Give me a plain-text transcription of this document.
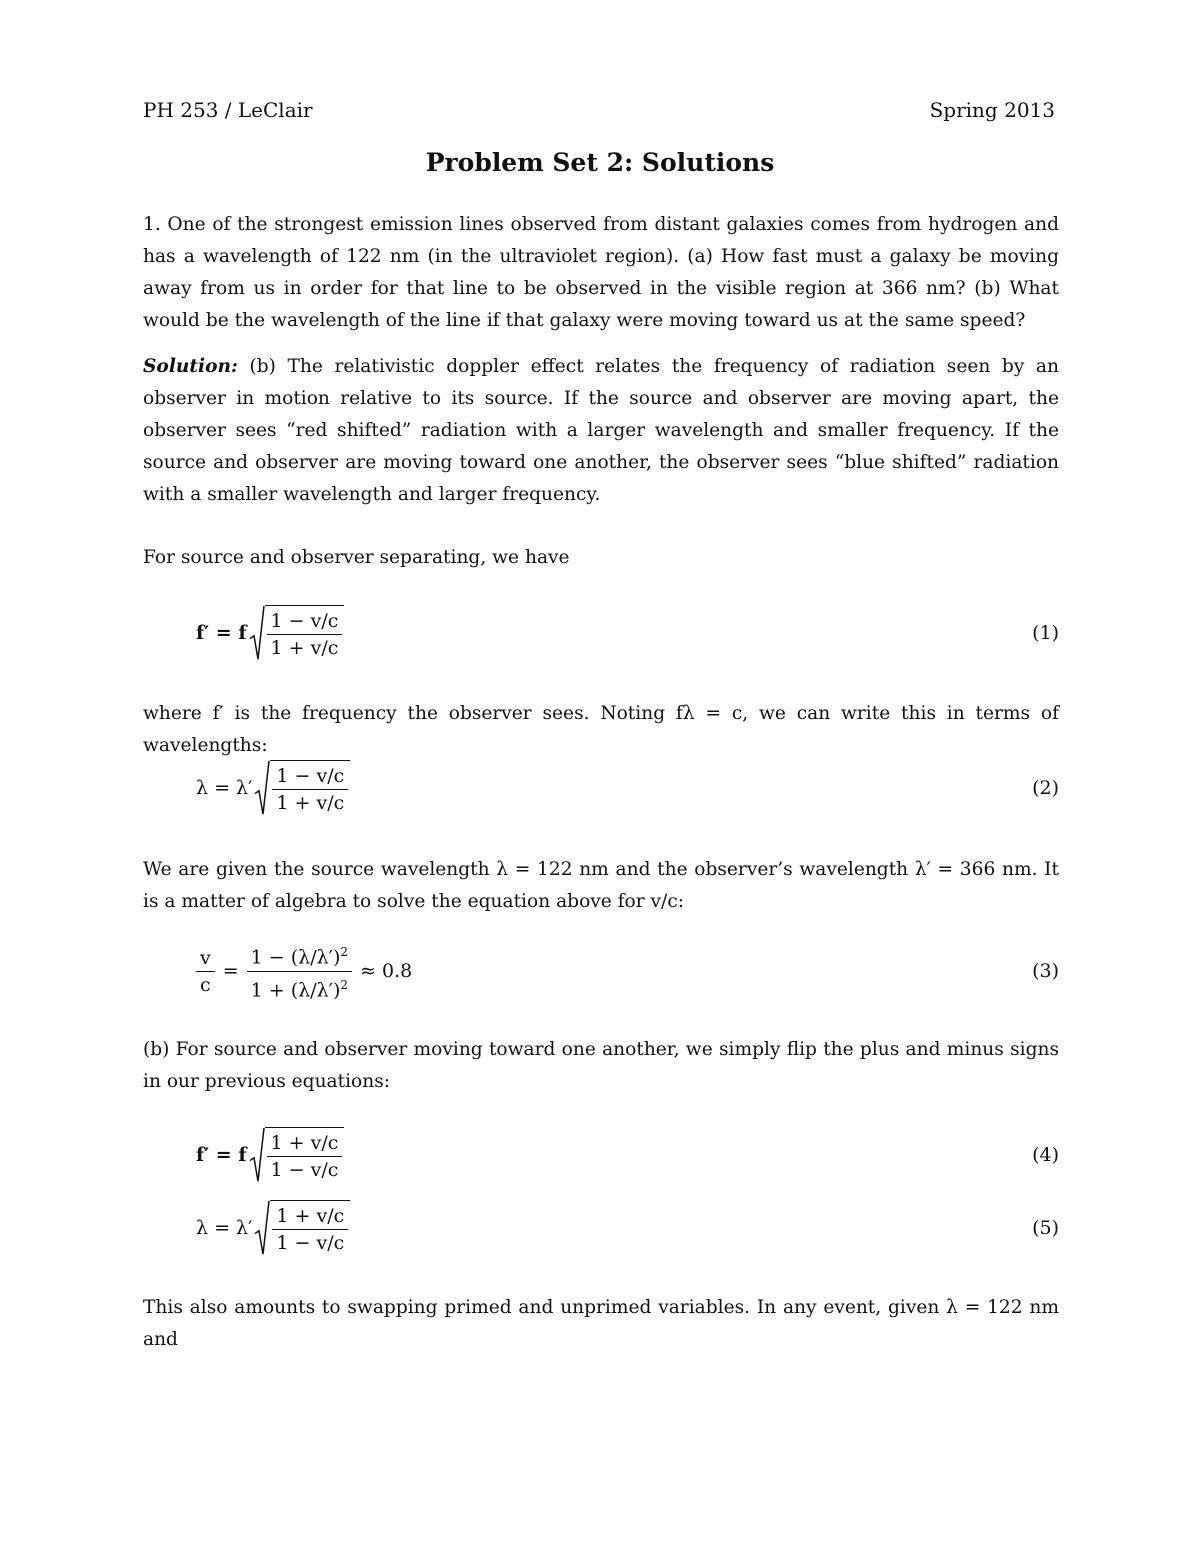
PH 253 / LeClair	Spring 2013
Problem Set 2: Solutions
1. One of the strongest emission lines observed from distant galaxies comes from hydrogen and has a wavelength of 122 nm (in the ultraviolet region). (a) How fast must a galaxy be moving away from us in order for that line to be observed in the visible region at 366 nm? (b) What would be the wavelength of the line if that galaxy were moving toward us at the same speed?
Solution: (b) The relativistic doppler effect relates the frequency of radiation seen by an observer in motion relative to its source. If the source and observer are moving apart, the observer sees “red shifted” radiation with a larger wavelength and smaller frequency. If the source and observer are moving toward one another, the observer sees “blue shifted” radiation with a smaller wavelength and larger frequency.
For source and observer separating, we have
f′ = f $\frac{1 - v/c}{1 + v/c}$	(1)
where f′ is the frequency the observer sees. Noting fλ = c, we can write this in terms of wavelengths:
$\lambda = \lambda' \frac{1 - v/c}{1 + v/c}$	(2)
We are given the source wavelength λ = 122 nm and the observer’s wavelength λ′ = 366 nm. It is a matter of algebra to solve the equation above for v/c:
$\frac{v}{c} = \frac{1 - (\lambda/\lambda')^2}{1 + (\lambda/\lambda')^2} \approx 0.8$	(3)
(b) For source and observer moving toward one another, we simply flip the plus and minus signs in our previous equations:
f′ = f $\frac{1 + v/c}{1 - v/c}$	(4)
$\lambda = \lambda' \frac{1 + v/c}{1 - v/c}$	(5)
This also amounts to swapping primed and unprimed variables. In any event, given λ = 122 nm and
